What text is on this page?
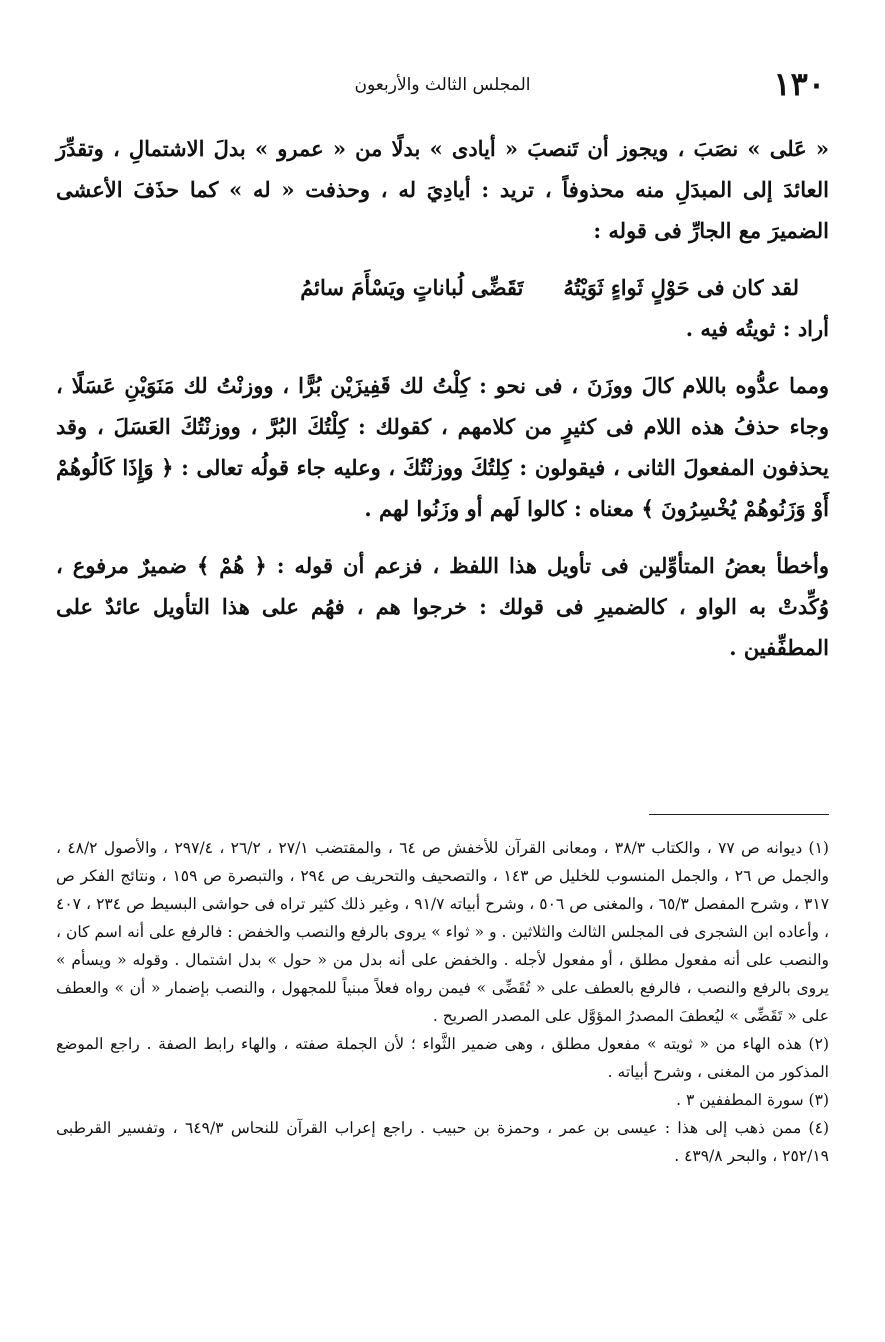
١٣٠
المجلس الثالث والأربعون

« عَلى » نصَبَ ، ويجوز أن تَنصبَ « أيادى » بدلًا من « عمرو » بدلَ الاشتمالِ ، وتقدِّرَ العائدَ إلى المبدَلِ منه محذوفاً ، تريد : أيادِيَ له ، وحذفت « له » كما حذَفَ الأعشى الضميرَ مع الجارِّ فى قوله :

لقد كان فى حَوْلٍ ثَواءٍ ثَوَيْتُهُ
تَقَضِّى لُباناتٍ ويَسْأَمَ سائمُ

أراد : ثويتُه فيه .

ومما عدُّوه باللام كالَ ووزَنَ ، فى نحو : كِلْتُ لك قَفِيزَيْن بُرًّا ، ووزنْتُ لك مَنَوَيْنِ عَسَلًا ، وجاء حذفُ هذه اللام فى كثيرٍ من كلامهم ، كقولك : كِلْتُكَ البُرَّ ، ووزنْتُكَ العَسَلَ ، وقد يحذفون المفعولَ الثانى ، فيقولون : كِلتُكَ ووزنْتُكَ ، وعليه جاء قولُه تعالى : ﴿ وَإِذَا كَالُوهُمْ أَوْ وَزَنُوهُمْ يُخْسِرُونَ ﴾ معناه : كالوا لَهم أو وزَنُوا لهم .

وأخطأ بعضُ المتأوِّلين فى تأويل هذا اللفظ ، فزعم أن قوله : ﴿ هُمْ ﴾ ضميرٌ مرفوع ، وُكِّدتْ به الواو ، كالضميرِ فى قولك : خرجوا هم ، فهُم على هذا التأويل عائدٌ على المطفِّفين .

(١) ديوانه ص ٧٧ ، والكتاب ٣٨/٣ ، ومعانى القرآن للأخفش ص ٦٤ ، والمقتضب ٢٧/١ ، ٢٦/٢ ، ٢٩٧/٤ ، والأصول ٤٨/٢ ، والجمل ص ٢٦ ، والجمل المنسوب للخليل ص ١٤٣ ، والتصحيف والتحريف ص ٢٩٤ ، والتبصرة ص ١٥٩ ، ونتائج الفكر ص ٣١٧ ، وشرح المفصل ٦٥/٣ ، والمغنى ص ٥٠٦ ، وشرح أبياته ٩١/٧ ، وغير ذلك كثير تراه فى حواشى البسيط ص ٢٣٤ ، ٤٠٧ ، وأعاده ابن الشجرى فى المجلس الثالث والثلاثين . و « ثواء » يروى بالرفع والنصب والخفض : فالرفع على أنه اسم كان ، والنصب على أنه مفعول مطلق ، أو مفعول لأجله . والخفض على أنه بدل من « حول » بدل اشتمال . وقوله « ويسأم » يروى بالرفع والنصب ، فالرفع بالعطف على « تُقَضِّى » فيمن رواه فعلاً مبنياً للمجهول ، والنصب بإضمار « أن » والعطف على « تَقَضِّى » ليُعطفَ المصدرُ المؤوَّل على المصدر الصريح .

(٢) هذه الهاء من « ثويته » مفعول مطلق ، وهى ضمير الثَّواء ؛ لأن الجملة صفته ، والهاء رابط الصفة . راجع الموضع المذكور من المغنى ، وشرح أبياته .

(٣) سورة المطففين ٣ .

(٤) ممن ذهب إلى هذا : عيسى بن عمر ، وحمزة بن حبيب . راجع إعراب القرآن للنحاس ٦٤٩/٣ ، وتفسير القرطبى ٢٥٢/١٩ ، والبحر ٤٣٩/٨ .
